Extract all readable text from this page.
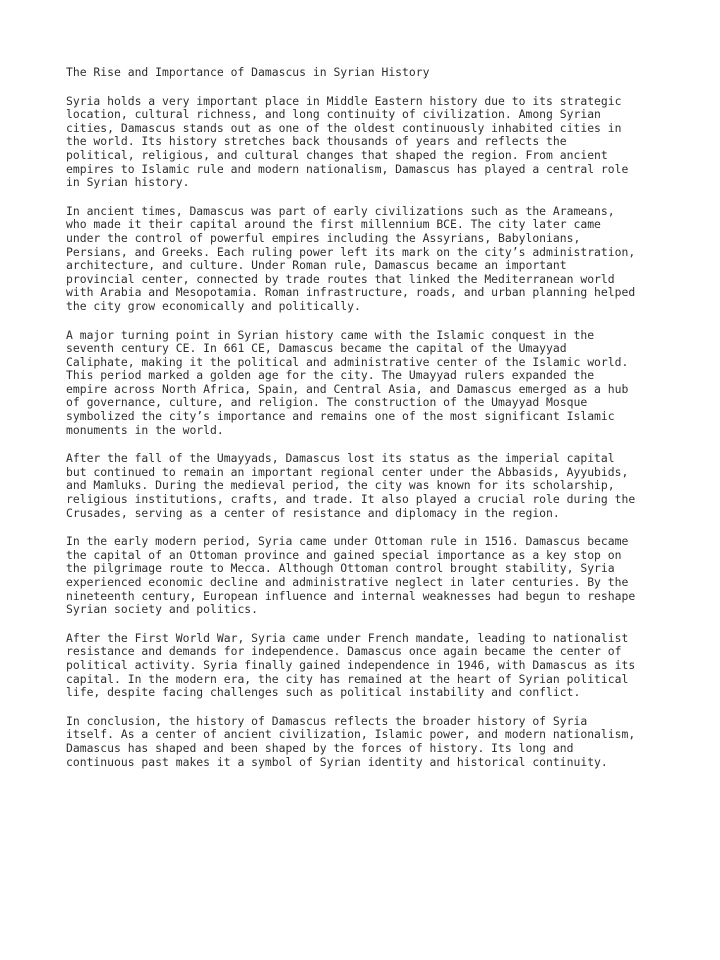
The Rise and Importance of Damascus in Syrian History

Syria holds a very important place in Middle Eastern history due to its strategic
location, cultural richness, and long continuity of civilization. Among Syrian
cities, Damascus stands out as one of the oldest continuously inhabited cities in
the world. Its history stretches back thousands of years and reflects the
political, religious, and cultural changes that shaped the region. From ancient
empires to Islamic rule and modern nationalism, Damascus has played a central role
in Syrian history.

In ancient times, Damascus was part of early civilizations such as the Arameans,
who made it their capital around the first millennium BCE. The city later came
under the control of powerful empires including the Assyrians, Babylonians,
Persians, and Greeks. Each ruling power left its mark on the city’s administration,
architecture, and culture. Under Roman rule, Damascus became an important
provincial center, connected by trade routes that linked the Mediterranean world
with Arabia and Mesopotamia. Roman infrastructure, roads, and urban planning helped
the city grow economically and politically.

A major turning point in Syrian history came with the Islamic conquest in the
seventh century CE. In 661 CE, Damascus became the capital of the Umayyad
Caliphate, making it the political and administrative center of the Islamic world.
This period marked a golden age for the city. The Umayyad rulers expanded the
empire across North Africa, Spain, and Central Asia, and Damascus emerged as a hub
of governance, culture, and religion. The construction of the Umayyad Mosque
symbolized the city’s importance and remains one of the most significant Islamic
monuments in the world.

After the fall of the Umayyads, Damascus lost its status as the imperial capital
but continued to remain an important regional center under the Abbasids, Ayyubids,
and Mamluks. During the medieval period, the city was known for its scholarship,
religious institutions, crafts, and trade. It also played a crucial role during the
Crusades, serving as a center of resistance and diplomacy in the region.

In the early modern period, Syria came under Ottoman rule in 1516. Damascus became
the capital of an Ottoman province and gained special importance as a key stop on
the pilgrimage route to Mecca. Although Ottoman control brought stability, Syria
experienced economic decline and administrative neglect in later centuries. By the
nineteenth century, European influence and internal weaknesses had begun to reshape
Syrian society and politics.

After the First World War, Syria came under French mandate, leading to nationalist
resistance and demands for independence. Damascus once again became the center of
political activity. Syria finally gained independence in 1946, with Damascus as its
capital. In the modern era, the city has remained at the heart of Syrian political
life, despite facing challenges such as political instability and conflict.

In conclusion, the history of Damascus reflects the broader history of Syria
itself. As a center of ancient civilization, Islamic power, and modern nationalism,
Damascus has shaped and been shaped by the forces of history. Its long and
continuous past makes it a symbol of Syrian identity and historical continuity.
